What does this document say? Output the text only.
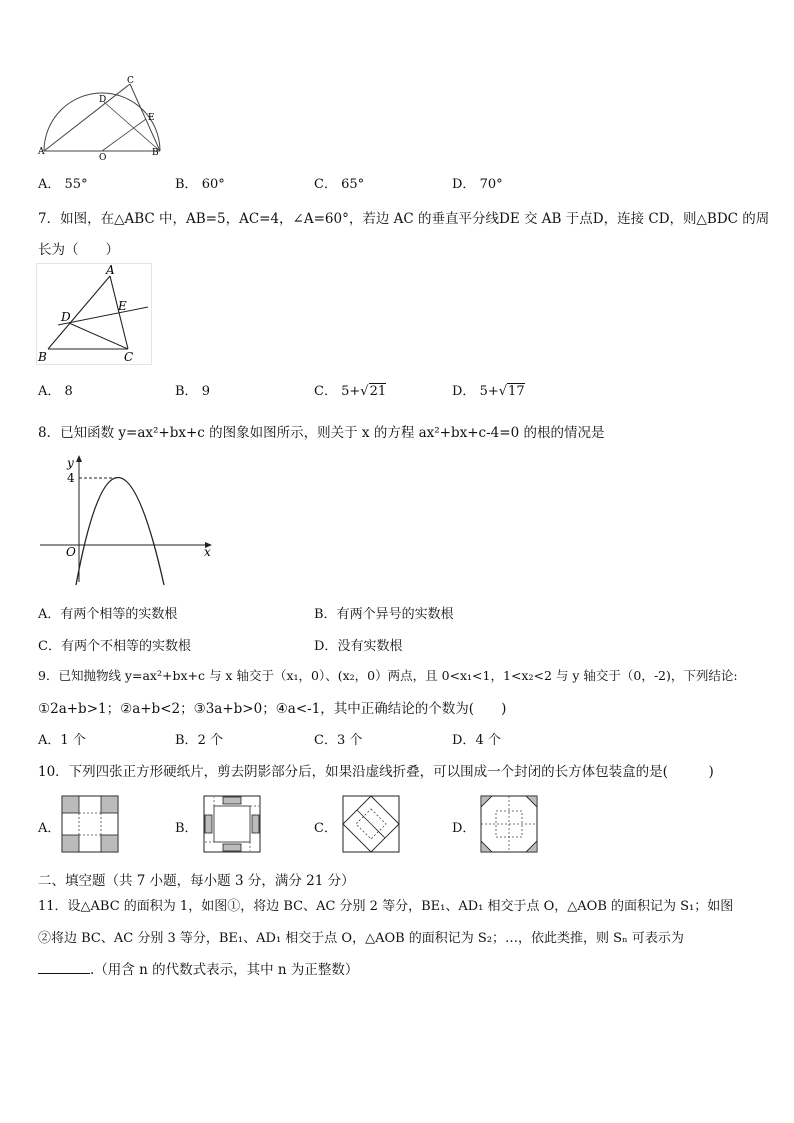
C
D
E
A
O	B
A． 55°	B． 60°	C． 65°	D． 70°
7．如图，在△ABC 中，AB=5，AC=4，∠A=60°，若边 AC 的垂直平分线DE 交 AB 于点D，连接 CD，则△BDC 的周
长为（　　）
A
D
E
B	C
A． 8	B． 9	C． 5+√21	D． 5+√17
8．已知函数 y=ax²+bx+c 的图象如图所示，则关于 x 的方程 ax²+bx+c-4=0 的根的情况是
y
4
O	x
A．有两个相等的实数根	B．有两个异号的实数根
C．有两个不相等的实数根	D．没有实数根
9．已知抛物线 y=ax²+bx+c 与 x 轴交于（x₁，0）、(x₂，0）两点，且 0<x₁<1，1<x₂<2 与 y 轴交于（0，-2)，下列结论:
①2a+b>1；②a+b<2；③3a+b>0；④a<-1，其中正确结论的个数为(　　)
A．1 个	B．2 个	C．3 个	D．4 个
10．下列四张正方形硬纸片，剪去阴影部分后，如果沿虚线折叠，可以围成一个封闭的长方体包装盒的是(　　　)
A．	B．	C．	D．
二、填空题（共 7 小题，每小题 3 分，满分 21 分）
11．设△ABC 的面积为 1，如图①，将边 BC、AC 分别 2 等分，BE₁、AD₁ 相交于点 O，△AOB 的面积记为 S₁；如图
②将边 BC、AC 分别 3 等分，BE₁、AD₁ 相交于点 O，△AOB 的面积记为 S₂；…，依此类推，则 Sₙ 可表示为
.（用含 n 的代数式表示，其中 n 为正整数）
